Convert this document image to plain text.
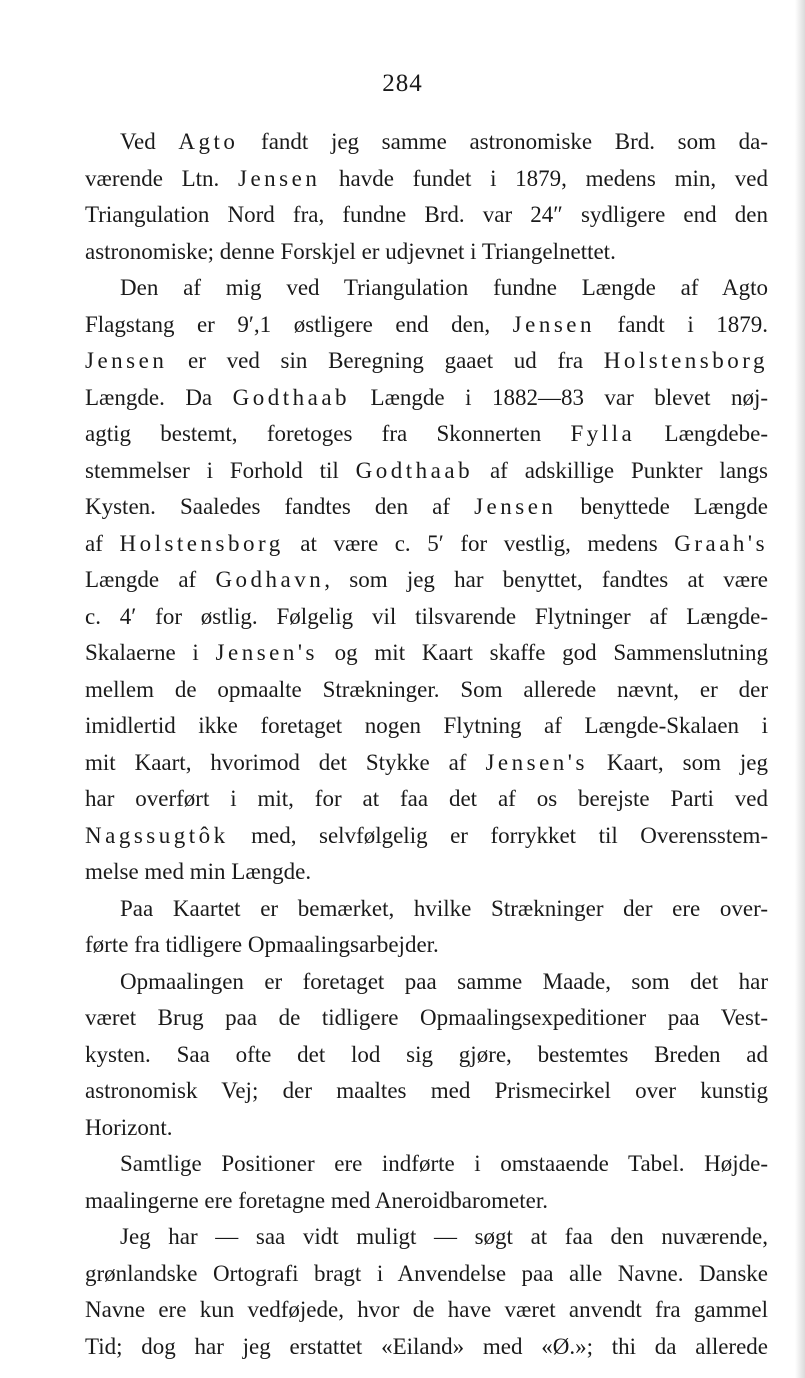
284
Ved Agto fandt jeg samme astronomiske Brd. som da-
værende Ltn. Jensen havde fundet i 1879, medens min, ved
Triangulation Nord fra, fundne Brd. var 24″ sydligere end den
astronomiske; denne Forskjel er udjevnet i Triangelnettet.
Den af mig ved Triangulation fundne Længde af Agto
Flagstang er 9′,1 østligere end den, Jensen fandt i 1879.
Jensen er ved sin Beregning gaaet ud fra Holstensborg
Længde. Da Godthaab Længde i 1882—83 var blevet nøj-
agtig bestemt, foretoges fra Skonnerten Fylla Længdebe-
stemmelser i Forhold til Godthaab af adskillige Punkter langs
Kysten. Saaledes fandtes den af Jensen benyttede Længde
af Holstensborg at være c. 5′ for vestlig, medens Graah's
Længde af Godhavn, som jeg har benyttet, fandtes at være
c. 4′ for østlig. Følgelig vil tilsvarende Flytninger af Længde-
Skalaerne i Jensen's og mit Kaart skaffe god Sammenslutning
mellem de opmaalte Strækninger. Som allerede nævnt, er der
imidlertid ikke foretaget nogen Flytning af Længde-Skalaen i
mit Kaart, hvorimod det Stykke af Jensen's Kaart, som jeg
har overført i mit, for at faa det af os berejste Parti ved
Nagssugtôk med, selvfølgelig er forrykket til Overensstem-
melse med min Længde.
Paa Kaartet er bemærket, hvilke Strækninger der ere over-
førte fra tidligere Opmaalingsarbejder.
Opmaalingen er foretaget paa samme Maade, som det har
været Brug paa de tidligere Opmaalingsexpeditioner paa Vest-
kysten. Saa ofte det lod sig gjøre, bestemtes Breden ad
astronomisk Vej; der maaltes med Prismecirkel over kunstig
Horizont.
Samtlige Positioner ere indførte i omstaaende Tabel. Højde-
maalingerne ere foretagne med Aneroidbarometer.
Jeg har — saa vidt muligt — søgt at faa den nuværende,
grønlandske Ortografi bragt i Anvendelse paa alle Navne. Danske
Navne ere kun vedføjede, hvor de have været anvendt fra gammel
Tid; dog har jeg erstattet «Eiland» med «Ø.»; thi da allerede
